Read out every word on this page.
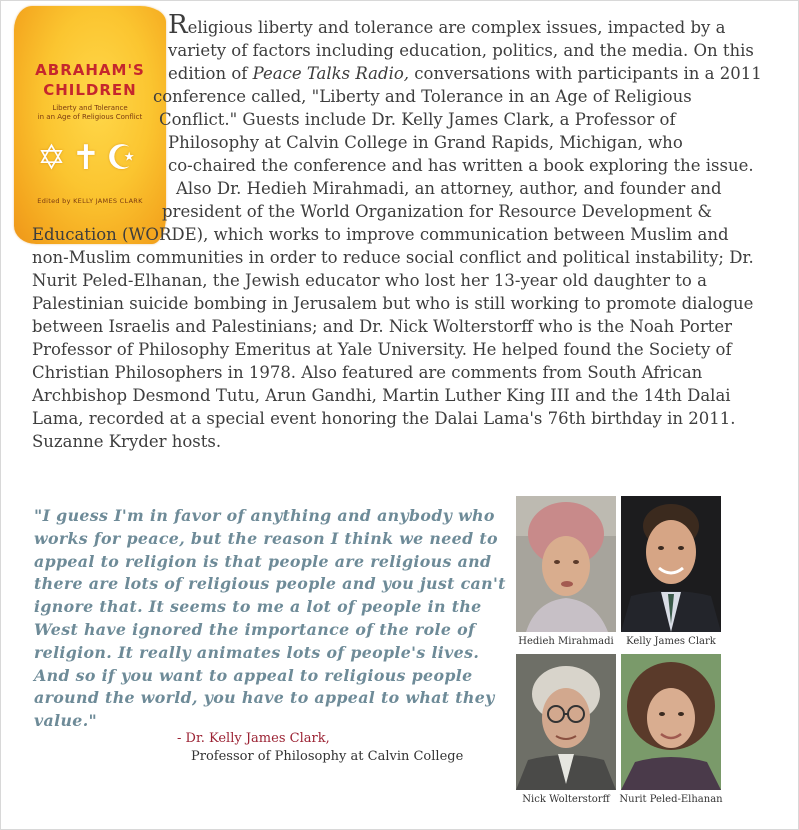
ABRAHAM'S
CHILDREN
Liberty and Tolerance
in an Age of Religious Conflict
✡✝☪
Edited by KELLY JAMES CLARK
Religious liberty and tolerance are complex issues, impacted by a
variety of factors including education, politics, and the media. On this
edition of Peace Talks Radio, conversations with participants in a 2011
conference called, "Liberty and Tolerance in an Age of Religious
Conflict." Guests include Dr. Kelly James Clark, a Professor of
Philosophy at Calvin College in Grand Rapids, Michigan, who
co-chaired the conference and has written a book exploring the issue.
Also Dr. Hedieh Mirahmadi, an attorney, author, and founder and
president of the World Organization for Resource Development &
Education (WORDE), which works to improve communication between Muslim and
non-Muslim communities in order to reduce social conflict and political instability; Dr.
Nurit Peled-Elhanan, the Jewish educator who lost her 13-year old daughter to a
Palestinian suicide bombing in Jerusalem but who is still working to promote dialogue
between Israelis and Palestinians; and Dr. Nick Wolterstorff who is the Noah Porter
Professor of Philosophy Emeritus at Yale University. He helped found the Society of
Christian Philosophers in 1978. Also featured are comments from South African
Archbishop Desmond Tutu, Arun Gandhi, Martin Luther King III and the 14th Dalai
Lama, recorded at a special event honoring the Dalai Lama's 76th birthday in 2011.
Suzanne Kryder hosts.
"I guess I'm in favor of anything and anybody who
works for peace, but the reason I think we need to
appeal to religion is that people are religious and
there are lots of religious people and you just can't
ignore that. It seems to me a lot of people in the
West have ignored the importance of the role of
religion. It really animates lots of people's lives.
And so if you want to appeal to religious people
around the world, you have to appeal to what they
value."
- Dr. Kelly James Clark,
Professor of Philosophy at Calvin College
Hedieh Mirahmadi	Kelly James Clark
Nick Wolterstorff Nurit Peled-Elhanan
